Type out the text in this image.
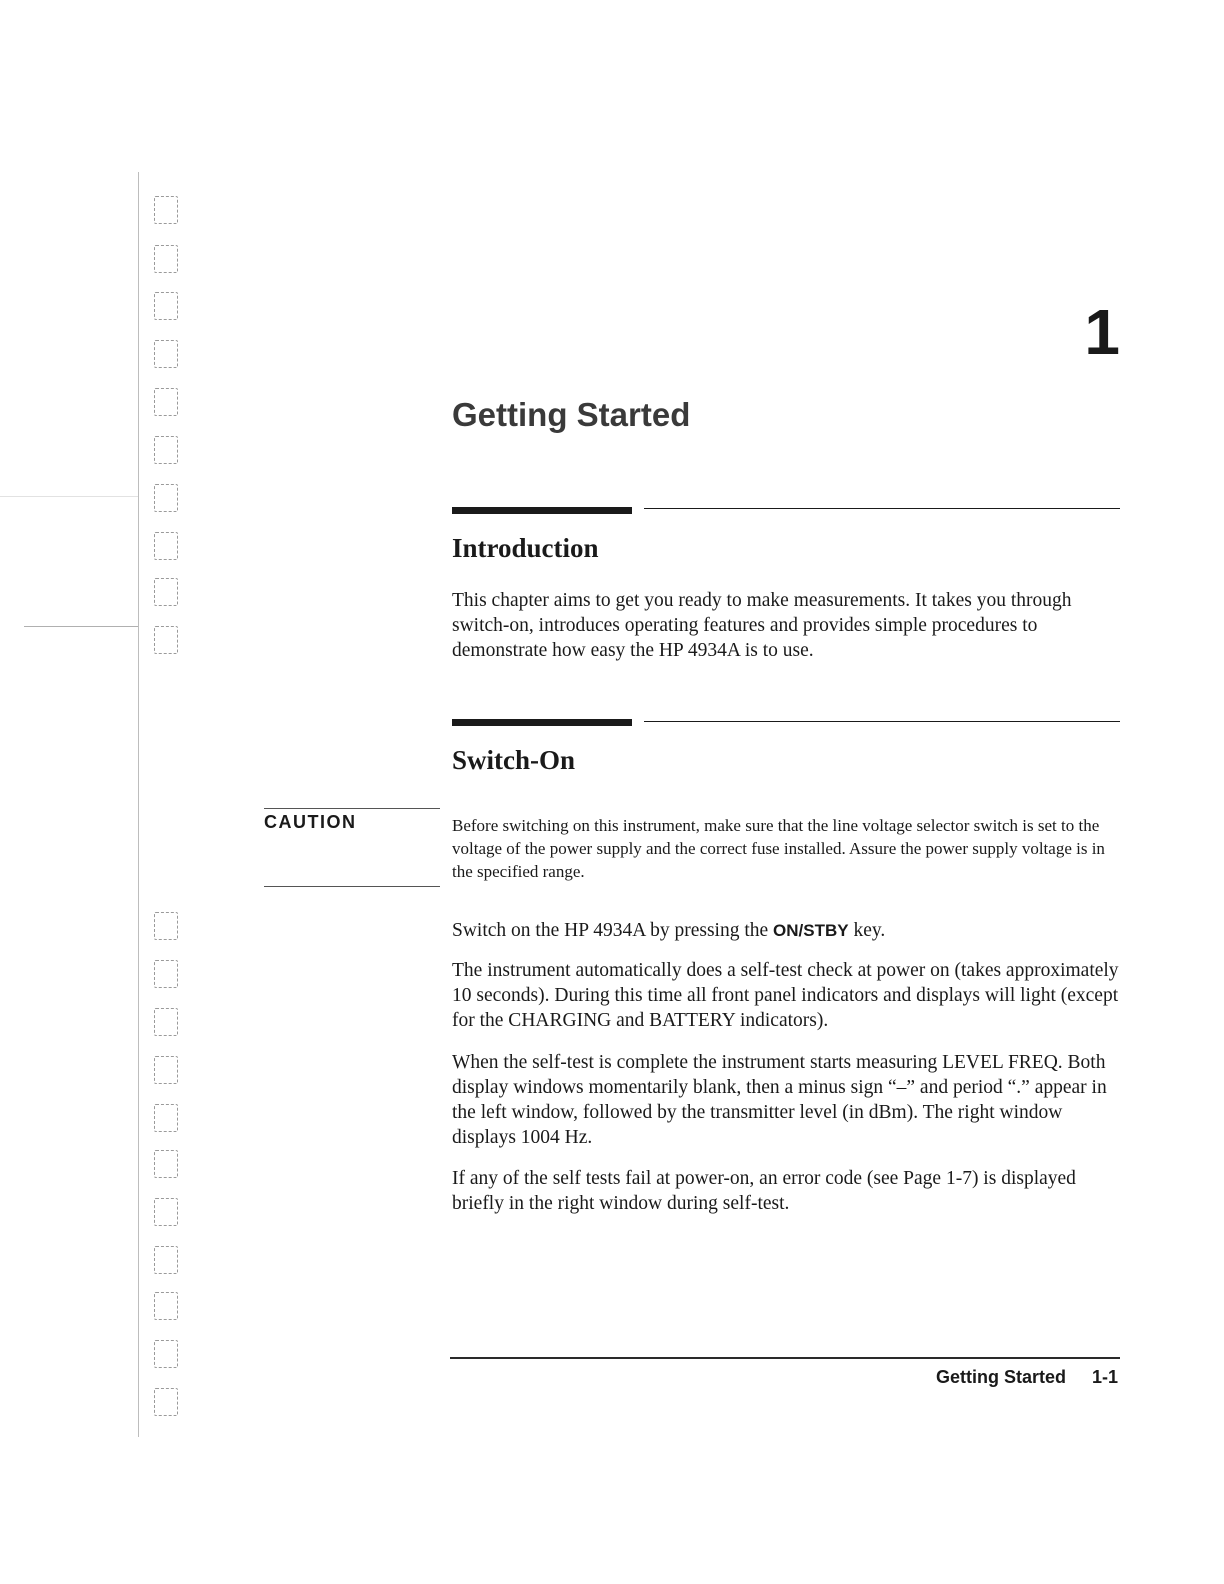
1
Getting Started
Introduction

This chapter aims to get you ready to make measurements. It takes you through switch-on, introduces operating features and provides simple procedures to demonstrate how easy the HP 4934A is to use.

Switch-On
CAUTION	Before switching on this instrument, make sure that the line voltage selector switch is set to the voltage of the power supply and the correct fuse installed. Assure the power supply voltage is in the specified range.

Switch on the HP 4934A by pressing the ON/STBY key.

The instrument automatically does a self-test check at power on (takes approximately 10 seconds). During this time all front panel indicators and displays will light (except for the CHARGING and BATTERY indicators).

When the self-test is complete the instrument starts measuring LEVEL FREQ. Both display windows momentarily blank, then a minus sign “–” and period “.” appear in the left window, followed by the transmitter level (in dBm). The right window displays 1004 Hz.

If any of the self tests fail at power-on, an error code (see Page 1-7) is displayed briefly in the right window during self-test.

Getting Started 1-1
